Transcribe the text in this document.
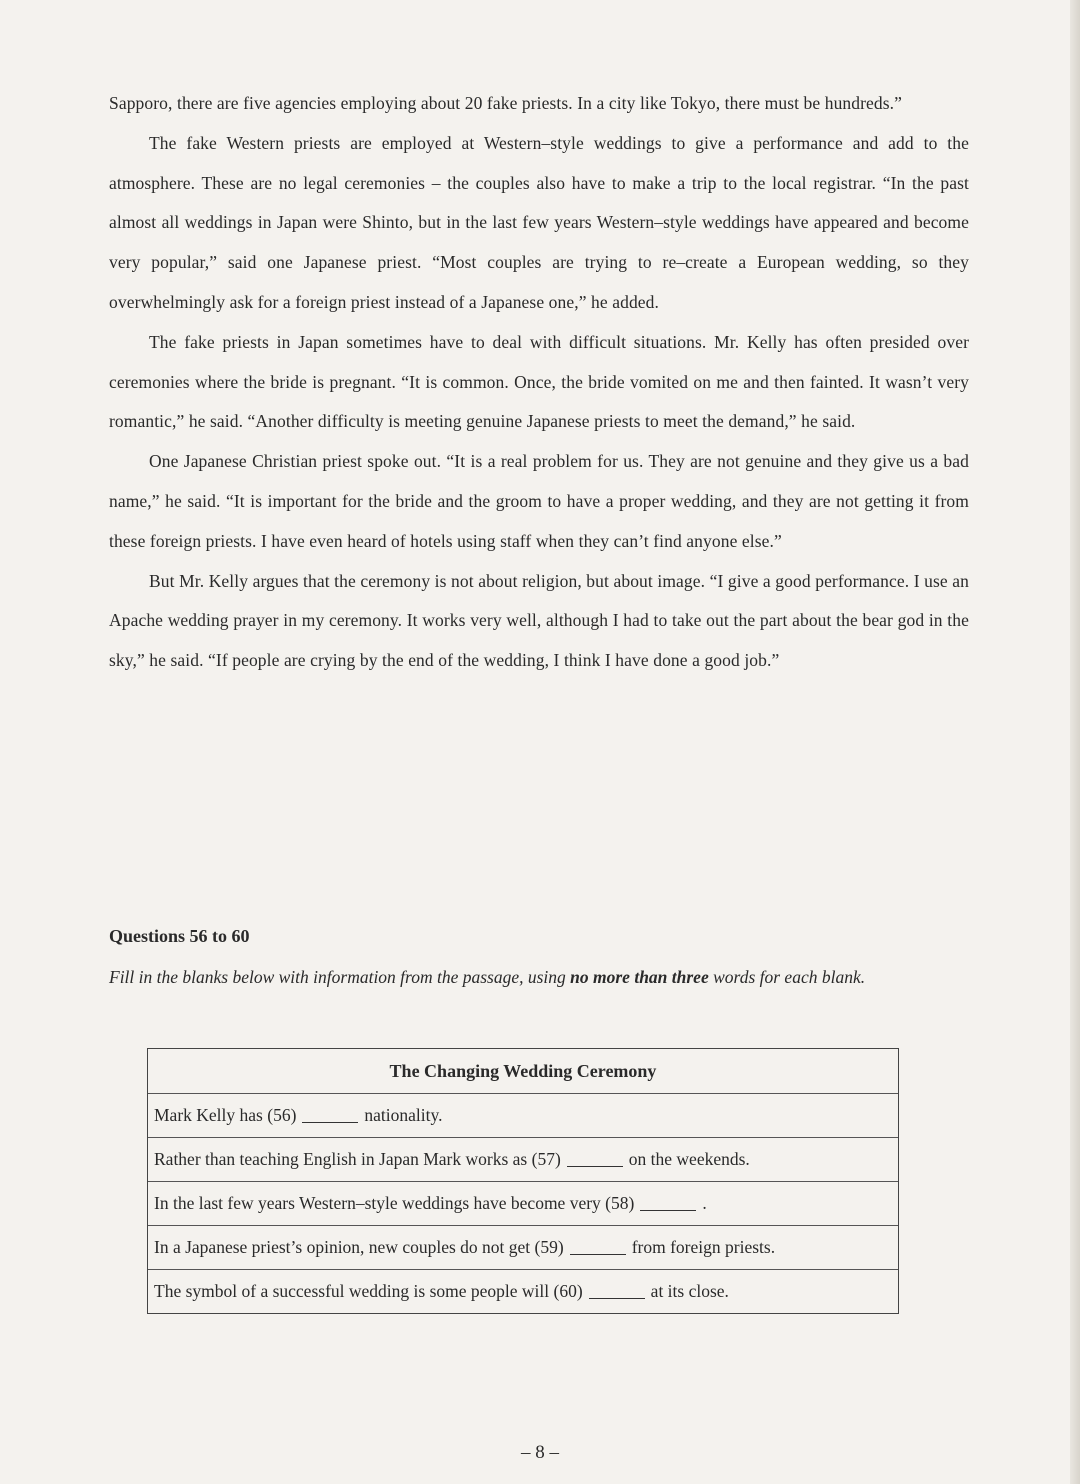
Sapporo, there are five agencies employing about 20 fake priests. In a city like Tokyo, there must be hundreds.”

The fake Western priests are employed at Western–style weddings to give a performance and add to the atmosphere. These are no legal ceremonies – the couples also have to make a trip to the local registrar. “In the past almost all weddings in Japan were Shinto, but in the last few years Western–style weddings have appeared and become very popular,” said one Japanese priest. “Most couples are trying to re–create a European wedding, so they overwhelmingly ask for a foreign priest instead of a Japanese one,” he added.

The fake priests in Japan sometimes have to deal with difficult situations. Mr. Kelly has often presided over ceremonies where the bride is pregnant. “It is common. Once, the bride vomited on me and then fainted. It wasn’t very romantic,” he said. “Another difficulty is meeting genuine Japanese priests to meet the demand,” he said.

One Japanese Christian priest spoke out. “It is a real problem for us. They are not genuine and they give us a bad name,” he said. “It is important for the bride and the groom to have a proper wedding, and they are not getting it from these foreign priests. I have even heard of hotels using staff when they can’t find anyone else.”

But Mr. Kelly argues that the ceremony is not about religion, but about image. “I give a good performance. I use an Apache wedding prayer in my ceremony. It works very well, although I had to take out the part about the bear god in the sky,” he said. “If people are crying by the end of the wedding, I think I have done a good job.”

Questions 56 to 60
Fill in the blanks below with information from the passage, using no more than three words for each blank.
The Changing Wedding Ceremony
Mark Kelly has (56)	nationality.
Rather than teaching English in Japan Mark works as (57)	on the weekends.
In the last few years Western–style weddings have become very (58)	.
In a Japanese priest’s opinion, new couples do not get (59)	from foreign priests.
The symbol of a successful wedding is some people will (60)	at its close.
– 8 –
